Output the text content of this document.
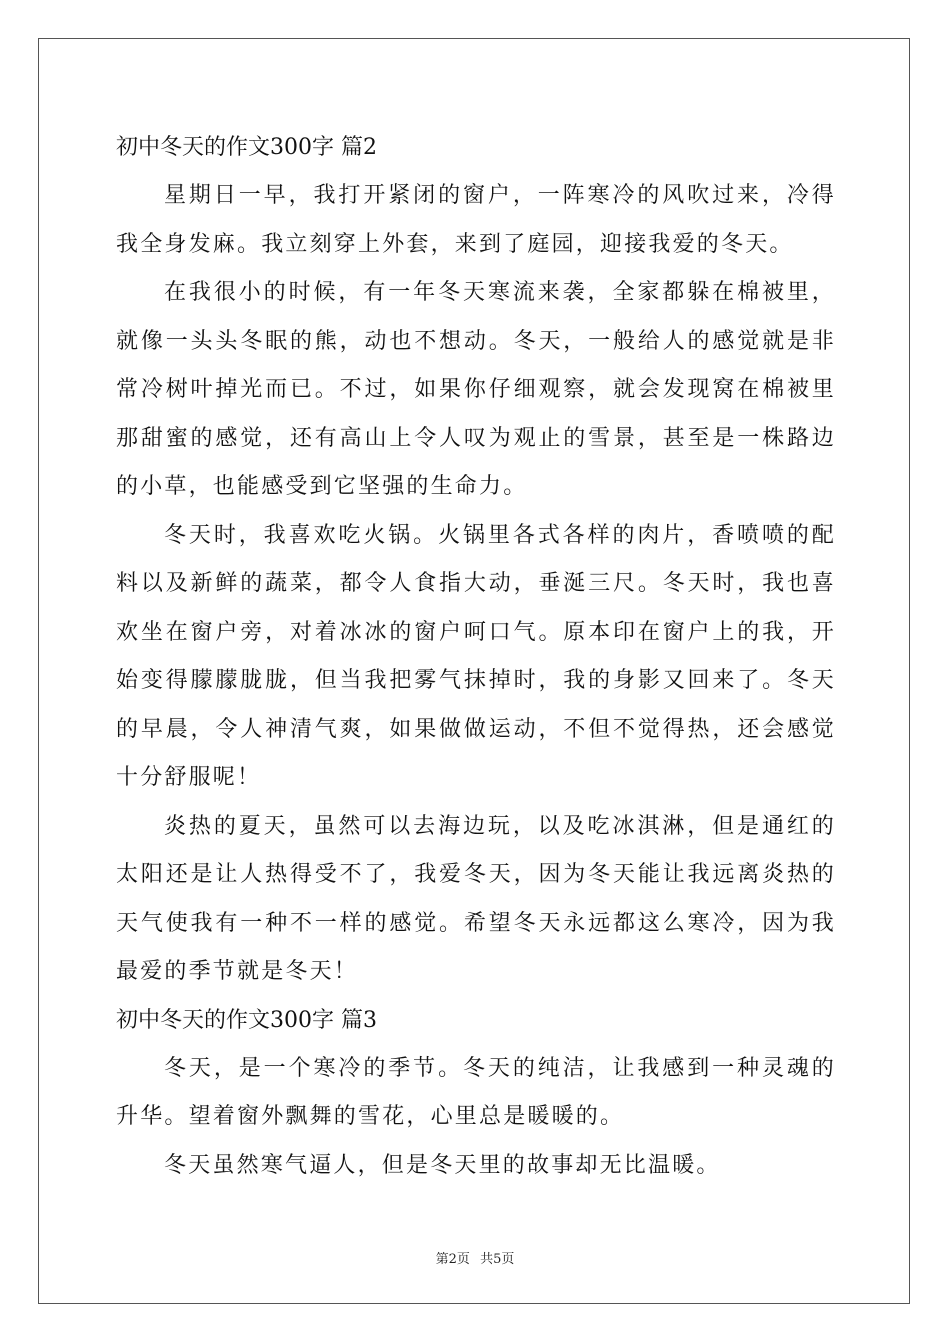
初中冬天的作文300字 篇2

星期日一早，我打开紧闭的窗户，一阵寒冷的风吹过来，冷得我全身发麻。我立刻穿上外套，来到了庭园，迎接我爱的冬天。

在我很小的时候，有一年冬天寒流来袭，全家都躲在棉被里，就像一头头冬眠的熊，动也不想动。冬天，一般给人的感觉就是非常冷树叶掉光而已。不过，如果你仔细观察，就会发现窝在棉被里那甜蜜的感觉，还有高山上令人叹为观止的雪景，甚至是一株路边的小草，也能感受到它坚强的生命力。

冬天时，我喜欢吃火锅。火锅里各式各样的肉片，香喷喷的配料以及新鲜的蔬菜，都令人食指大动，垂涎三尺。冬天时，我也喜欢坐在窗户旁，对着冰冰的窗户呵口气。原本印在窗户上的我，开始变得朦朦胧胧，但当我把雾气抹掉时，我的身影又回来了。冬天的早晨，令人神清气爽，如果做做运动，不但不觉得热，还会感觉十分舒服呢！

炎热的夏天，虽然可以去海边玩，以及吃冰淇淋，但是通红的太阳还是让人热得受不了，我爱冬天，因为冬天能让我远离炎热的天气使我有一种不一样的感觉。希望冬天永远都这么寒冷，因为我最爱的季节就是冬天！

初中冬天的作文300字 篇3

冬天，是一个寒冷的季节。冬天的纯洁，让我感到一种灵魂的升华。望着窗外飘舞的雪花，心里总是暖暖的。

冬天虽然寒气逼人，但是冬天里的故事却无比温暖。

第2页 共5页
